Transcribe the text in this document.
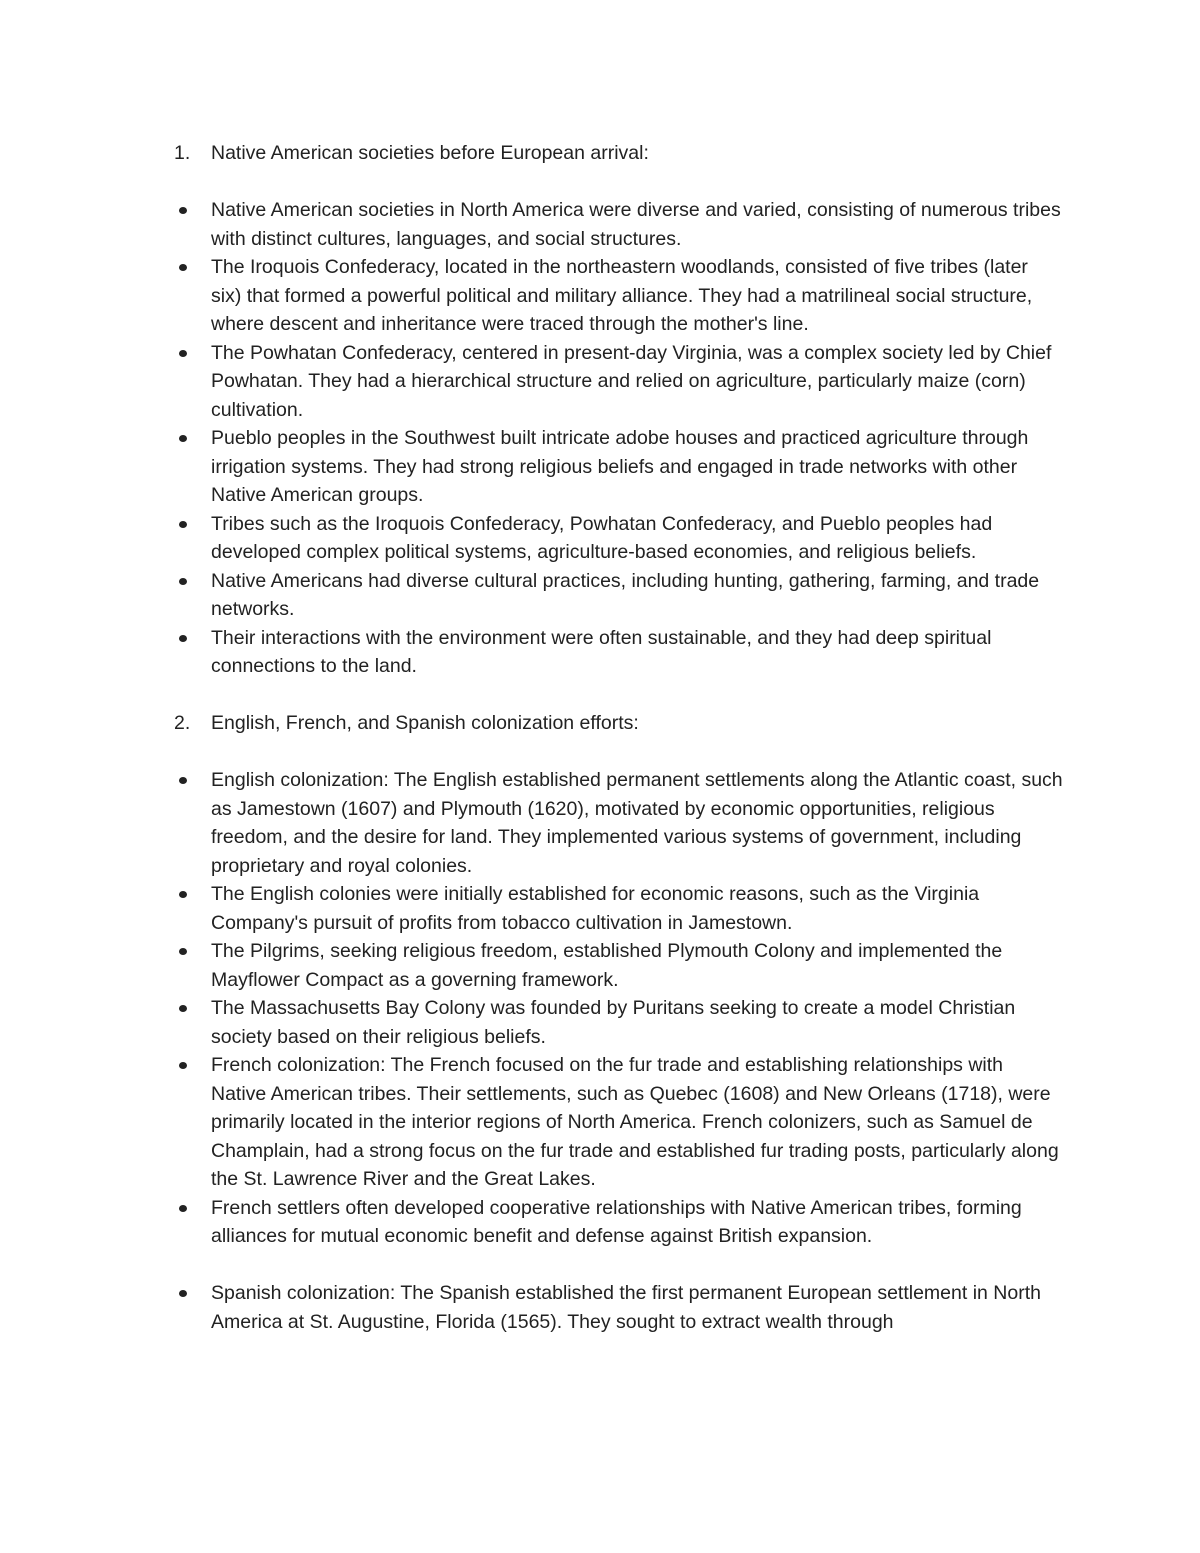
1. Native American societies before European arrival:
Native American societies in North America were diverse and varied, consisting of numerous tribes with distinct cultures, languages, and social structures.
The Iroquois Confederacy, located in the northeastern woodlands, consisted of five tribes (later six) that formed a powerful political and military alliance. They had a matrilineal social structure, where descent and inheritance were traced through the mother's line.
The Powhatan Confederacy, centered in present-day Virginia, was a complex society led by Chief Powhatan. They had a hierarchical structure and relied on agriculture, particularly maize (corn) cultivation.
Pueblo peoples in the Southwest built intricate adobe houses and practiced agriculture through irrigation systems. They had strong religious beliefs and engaged in trade networks with other Native American groups.
Tribes such as the Iroquois Confederacy, Powhatan Confederacy, and Pueblo peoples had developed complex political systems, agriculture-based economies, and religious beliefs.
Native Americans had diverse cultural practices, including hunting, gathering, farming, and trade networks.
Their interactions with the environment were often sustainable, and they had deep spiritual connections to the land.
2. English, French, and Spanish colonization efforts:
English colonization: The English established permanent settlements along the Atlantic coast, such as Jamestown (1607) and Plymouth (1620), motivated by economic opportunities, religious freedom, and the desire for land. They implemented various systems of government, including proprietary and royal colonies.
The English colonies were initially established for economic reasons, such as the Virginia Company's pursuit of profits from tobacco cultivation in Jamestown.
The Pilgrims, seeking religious freedom, established Plymouth Colony and implemented the Mayflower Compact as a governing framework.
The Massachusetts Bay Colony was founded by Puritans seeking to create a model Christian society based on their religious beliefs.
French colonization: The French focused on the fur trade and establishing relationships with Native American tribes. Their settlements, such as Quebec (1608) and New Orleans (1718), were primarily located in the interior regions of North America. French colonizers, such as Samuel de Champlain, had a strong focus on the fur trade and established fur trading posts, particularly along the St. Lawrence River and the Great Lakes.
French settlers often developed cooperative relationships with Native American tribes, forming alliances for mutual economic benefit and defense against British expansion.
Spanish colonization: The Spanish established the first permanent European settlement in North America at St. Augustine, Florida (1565). They sought to extract wealth through
